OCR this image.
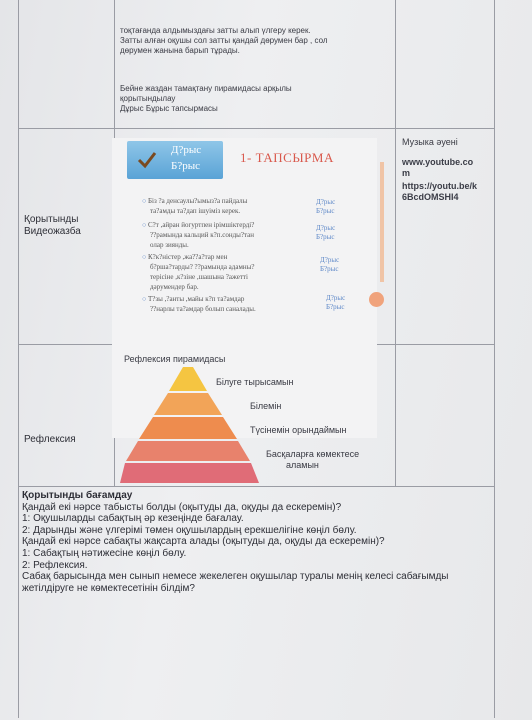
Затты алған оқушы сол затты қандай дөрумен бар , сол
дөрумен жанына барып тұрады.
Бейне жаздан тамақтану пирамидасы арқылы
қорытындылау
Дұрыс Бұрыс тапсырмасы
тоқтағанда алдымыздағы затты алып үлгеру керек.
Қорытынды
Видеожазба
Рефлексия
Д?рыс
Б?рыс
1- ТАПСЫРМА
○ Біз ?а денсаулы?ымыз?а пайдалы
та?амды та?дап ішуіміз керек.
○ С?т ,айран йогуртпен ірімшіктерді?
??рамында кальций к?п.сонды?тан
олар зиянды.
○ К?к?ністер ,жа??а?тар мен
б?ршa?тарды? ??рамында адамны?
терісіне ,к?зіне ,шашына ?ажетті
дәрумендер бар.
○ Т?зы ,?анты ,майы к?п та?амдар
??нарлы та?амдар болып саналады.
Д?рыс
Б?рыс
Д?рыс
Б?рыс
Д?рыс
Б?рыс
Д?рыс
Б?рыс
Музыка әуені
www.youtube.co
m
https://youtu.be/k
6BcdOMSHI4
Рефлексия пирамидасы
Білуге тырысамын
Білемін
Түсінемін орындаймын
Басқаларға көмектесе
аламын
Қорытынды бағамдау
Қандай екі нәрсе табысты болды (оқытуды да, оқуды да ескеремін)?
1: Оқушыларды сабақтың әр кезеңінде бағалау.
2: Дарынды және үлгерімі төмен оқушылардың ерекшелігіне көңіл бөлу.
Қандай екі нәрсе сабақты жақсарта алады (оқытуды да, оқуды да ескеремін)?
1: Сабақтың нәтижесіне көңіл бөлу.
2: Рефлексия.
Сабақ барысында мен сынып немесе жекелеген оқушылар туралы менің келесі сабағымды
жетілдіруге не көмектесетінін білдім?
